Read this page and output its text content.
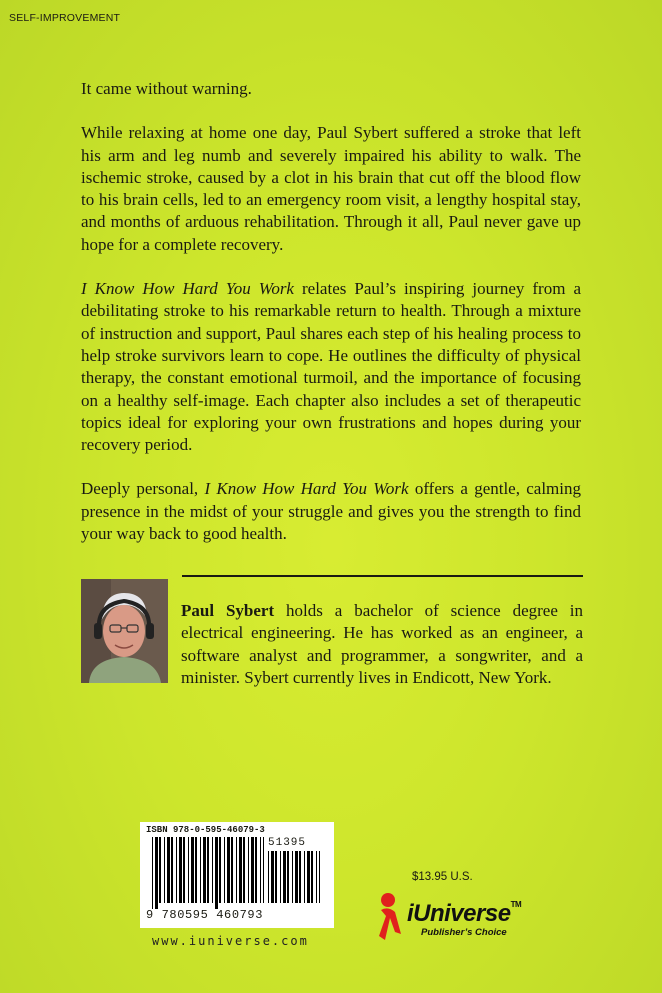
SELF-IMPROVEMENT

It came without warning.

While relaxing at home one day, Paul Sybert suffered a stroke that left his arm and leg numb and severely impaired his ability to walk. The ischemic stroke, caused by a clot in his brain that cut off the blood flow to his brain cells, led to an emergency room visit, a lengthy hospital stay, and months of arduous rehabilitation. Through it all, Paul never gave up hope for a complete recovery.

I Know How Hard You Work relates Paul’s inspiring journey from a debilitating stroke to his remarkable return to health. Through a mixture of instruction and support, Paul shares each step of his healing process to help stroke survivors learn to cope. He outlines the difficulty of physical therapy, the constant emotional turmoil, and the importance of focusing on a healthy self-image. Each chapter also includes a set of therapeutic topics ideal for exploring your own frustrations and hopes during your recovery period.

Deeply personal, I Know How Hard You Work offers a gentle, calming presence in the midst of your struggle and gives you the strength to find your way back to good health.

Paul Sybert holds a bachelor of science degree in electrical engineering. He has worked as an engineer, a software analyst and programmer, a songwriter, and a minister. Sybert currently lives in Endicott, New York.
ISBN 978-0-595-46079-3
51395
9 780595 460793
www.iuniverse.com
$13.95 U.S.
iUniverse™
Publisher’s Choice
